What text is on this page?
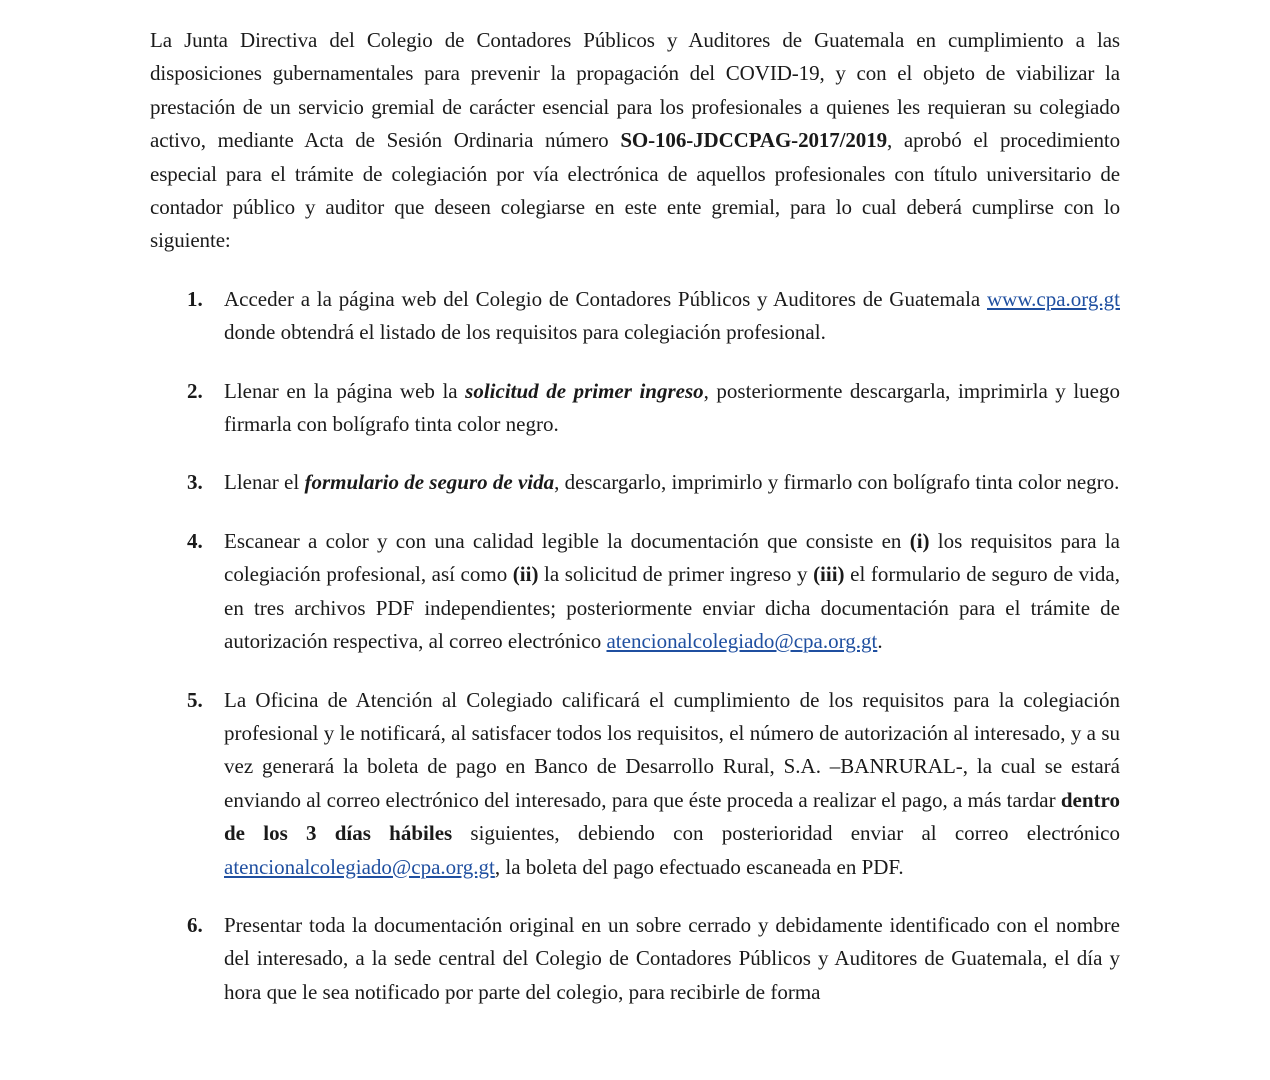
La Junta Directiva del Colegio de Contadores Públicos y Auditores de Guatemala en cumplimiento a las disposiciones gubernamentales para prevenir la propagación del COVID-19, y con el objeto de viabilizar la prestación de un servicio gremial de carácter esencial para los profesionales a quienes les requieran su colegiado activo, mediante Acta de Sesión Ordinaria número SO-106-JDCCPAG-2017/2019, aprobó el procedimiento especial para el trámite de colegiación por vía electrónica de aquellos profesionales con título universitario de contador público y auditor que deseen colegiarse en este ente gremial, para lo cual deberá cumplirse con lo siguiente:

1. Acceder a la página web del Colegio de Contadores Públicos y Auditores de Guatemala www.cpa.org.gt donde obtendrá el listado de los requisitos para colegiación profesional.

2. Llenar en la página web la solicitud de primer ingreso, posteriormente descargarla, imprimirla y luego firmarla con bolígrafo tinta color negro.

3. Llenar el formulario de seguro de vida, descargarlo, imprimirlo y firmarlo con bolígrafo tinta color negro.

4. Escanear a color y con una calidad legible la documentación que consiste en (i) los requisitos para la colegiación profesional, así como (ii) la solicitud de primer ingreso y (iii) el formulario de seguro de vida, en tres archivos PDF independientes; posteriormente enviar dicha documentación para el trámite de autorización respectiva, al correo electrónico atencionalcolegiado@cpa.org.gt.

5. La Oficina de Atención al Colegiado calificará el cumplimiento de los requisitos para la colegiación profesional y le notificará, al satisfacer todos los requisitos, el número de autorización al interesado, y a su vez generará la boleta de pago en Banco de Desarrollo Rural, S.A. –BANRURAL-, la cual se estará enviando al correo electrónico del interesado, para que éste proceda a realizar el pago, a más tardar dentro de los 3 días hábiles siguientes, debiendo con posterioridad enviar al correo electrónico atencionalcolegiado@cpa.org.gt, la boleta del pago efectuado escaneada en PDF.

6. Presentar toda la documentación original en un sobre cerrado y debidamente identificado con el nombre del interesado, a la sede central del Colegio de Contadores Públicos y Auditores de Guatemala, el día y hora que le sea notificado por parte del colegio, para recibirle de forma
